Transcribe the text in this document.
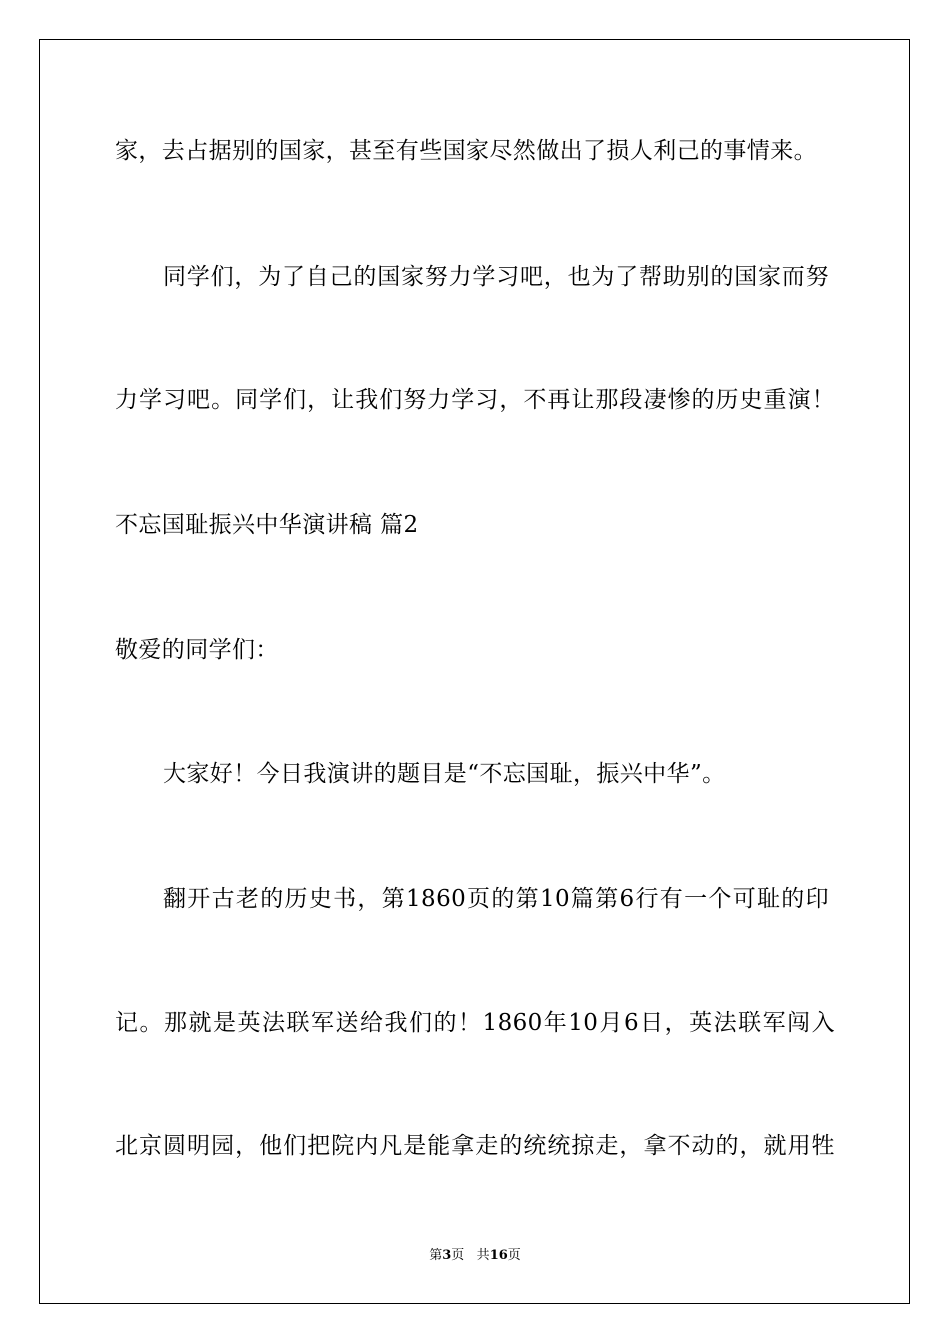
家，去占据别的国家，甚至有些国家尽然做出了损人利己的事情来。
同学们，为了自己的国家努力学习吧，也为了帮助别的国家而努
力学习吧。同学们，让我们努力学习，不再让那段凄惨的历史重演！
不忘国耻振兴中华演讲稿 篇2
敬爱的同学们：
大家好！今日我演讲的题目是“不忘国耻，振兴中华”。
翻开古老的历史书，第1860页的第10篇第6行有一个可耻的印
记。那就是英法联军送给我们的！1860年10月6日，英法联军闯入
北京圆明园，他们把院内凡是能拿走的统统掠走，拿不动的，就用牲
第3页 共16页
